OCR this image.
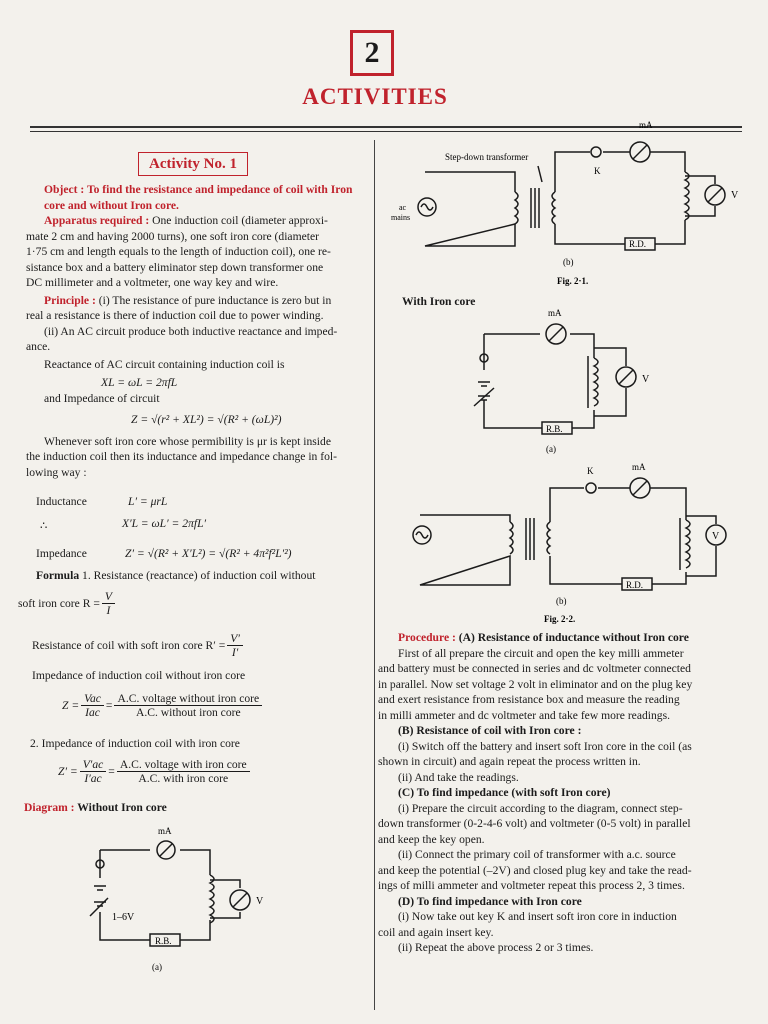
2
ACTIVITIES
Activity No. 1
Object : To find the resistance and impedance of coil with Iron core and without Iron core.
Apparatus required : One induction coil (diameter approxi-
mate 2 cm and having 2000 turns), one soft iron core (diameter
1·75 cm and length equals to the length of induction coil), one re-
sistance box and a battery eliminator step down transformer one
DC millimeter and a voltmeter, one way key and wire.
Principle : (i) The resistance of pure inductance is zero but in
real a resistance is there of induction coil due to power winding.
(ii) An AC circuit produce both inductive reactance and imped-
ance.
Reactance of AC circuit containing induction coil is
XL = ωL = 2πfL
and Impedance of circuit
Z = √(r² + XL²) = √(R² + (ωL)²)
Whenever soft iron core whose permibility is μr is kept inside
the induction coil then its inductance and impedance change in fol-
lowing way :
Inductance	L′ = μrL
∴	X′L = ωL′ = 2πfL′
Impedance	Z′ = √(R² + X′L²) = √(R² + 4π²f²L′²)
Formula 1. Resistance (reactance) of induction coil without
soft iron core $R = \frac{V}{I}$
Resistance of coil with soft iron core $R' = \frac{V'}{I'}$
Impedance of induction coil without iron core
$Z = \frac{\text{Vac}}{\text{Iac}} = \frac{\text{A.C. voltage without iron core}}{\text{A.C. without iron core}}$
2. Impedance of induction coil with iron core
$Z' = \frac{V'ac}{I'ac} = \frac{\text{A.C. voltage with iron core}}{\text{A.C. with iron core}}$
Diagram : Without Iron core
mA
V
1–6V
R.B.
(a)
Step-down transformer
mA
K
V
ac
mains
R.D.
(b)
Fig. 2·1.
With Iron core
mA
V
R.B.
(a)
K	mA
V
R.D.
(b)
Fig. 2·2.
Procedure : (A) Resistance of inductance without Iron core
First of all prepare the circuit and open the key milli ammeter
and battery must be connected in series and dc voltmeter connected
in parallel. Now set voltage 2 volt in eliminator and on the plug key
and exert resistance from resistance box and measure the reading
in milli ammeter and dc voltmeter and take few more readings.
(B) Resistance of coil with Iron core :
(i) Switch off the battery and insert soft Iron core in the coil (as
shown in circuit) and again repeat the process written in.
(ii) And take the readings.
(C) To find impedance (with soft Iron core)
(i) Prepare the circuit according to the diagram, connect step-
down transformer (0-2-4-6 volt) and voltmeter (0-5 volt) in parallel
and keep the key open.
(ii) Connect the primary coil of transformer with a.c. source
and keep the potential (–2V) and closed plug key and take the read-
ings of milli ammeter and voltmeter repeat this process 2, 3 times.
(D) To find impedance with Iron core
(i) Now take out key K and insert soft iron core in induction
coil and again insert key.
(ii) Repeat the above process 2 or 3 times.
